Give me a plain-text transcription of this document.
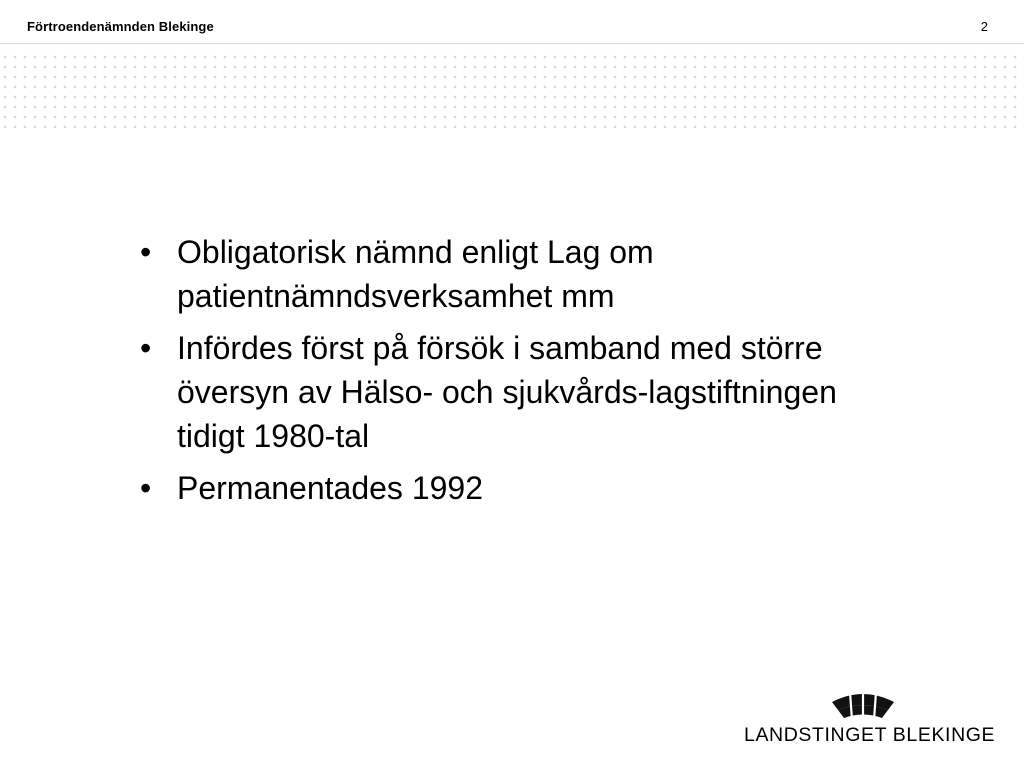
Förtroendenämnden Blekinge	2
• Obligatorisk nämnd enligt Lag om patientnämndsverksamhet mm
• Infördes först på försök i samband med större översyn av Hälso- och sjukvårds-lagstiftningen tidigt 1980-tal
• Permanentades 1992
LANDSTINGET BLEKINGE
